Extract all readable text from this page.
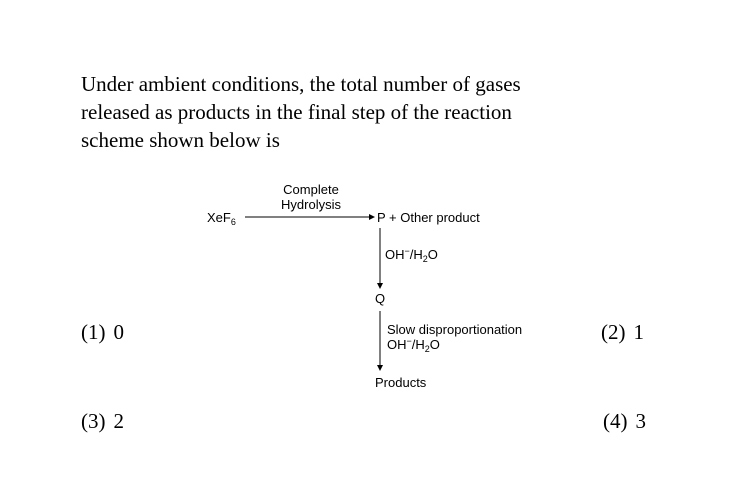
Under ambient conditions, the total number of gases
released as products in the final step of the reaction
scheme shown below is
XeF$_6$
Complete
Hydrolysis
P + Other product
$OH^-/H_2O$
Q
Slow disproportionation
$OH^-/H_2O$
Products
(1) 0	(2) 1
(3) 2	(4) 3
